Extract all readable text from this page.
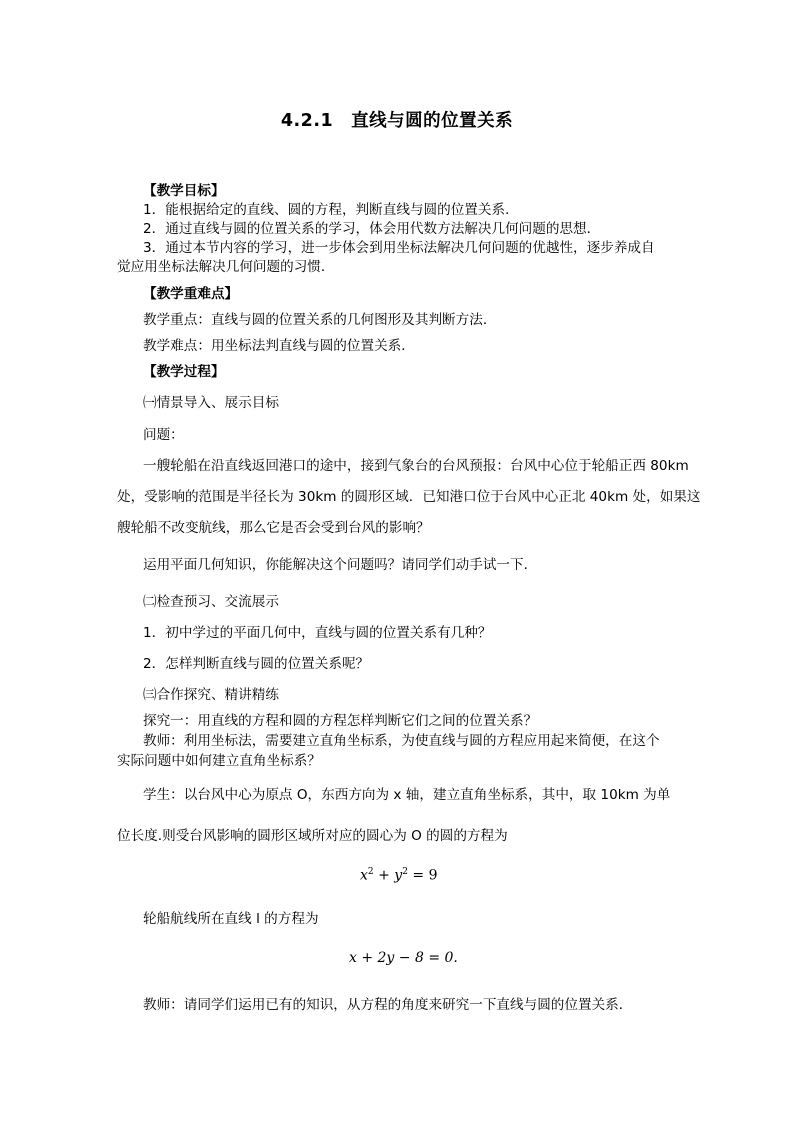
4.2.1　直线与圆的位置关系
【教学目标】
1．能根据给定的直线、圆的方程，判断直线与圆的位置关系．
2．通过直线与圆的位置关系的学习，体会用代数方法解决几何问题的思想．
3．通过本节内容的学习，进一步体会到用坐标法解决几何问题的优越性，逐步养成自
觉应用坐标法解决几何问题的习惯．
【教学重难点】
教学重点：直线与圆的位置关系的几何图形及其判断方法．
教学难点：用坐标法判直线与圆的位置关系．
【教学过程】
㈠情景导入、展示目标
问题：
一艘轮船在沿直线返回港口的途中，接到气象台的台风预报：台风中心位于轮船正西 80km
处，受影响的范围是半径长为 30km 的圆形区域．已知港口位于台风中心正北 40km 处，如果这
艘轮船不改变航线，那么它是否会受到台风的影响？
运用平面几何知识，你能解决这个问题吗？请同学们动手试一下．
㈡检查预习、交流展示
1．初中学过的平面几何中，直线与圆的位置关系有几种？
2．怎样判断直线与圆的位置关系呢？
㈢合作探究、精讲精练
探究一：用直线的方程和圆的方程怎样判断它们之间的位置关系？
教师：利用坐标法，需要建立直角坐标系，为使直线与圆的方程应用起来简便，在这个
实际问题中如何建立直角坐标系？
学生：以台风中心为原点 O，东西方向为 x 轴，建立直角坐标系，其中，取 10km 为单
位长度.则受台风影响的圆形区域所对应的圆心为 O 的圆的方程为
$x^2 + y^2 = 9$
轮船航线所在直线 l 的方程为
x + 2y − 8 = 0.
教师：请同学们运用已有的知识，从方程的角度来研究一下直线与圆的位置关系．
